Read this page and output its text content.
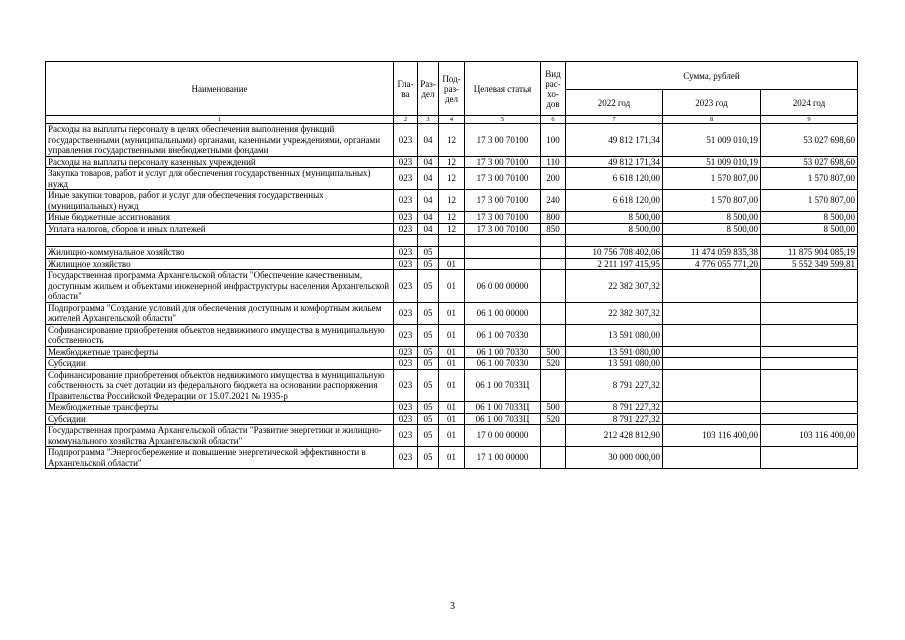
Наименование	Гла-ва	Раз-дел	Под-раз-дел	Целевая статья	Вид рас-хо-дов	Сумма, рублей		
						2022 год	2023 год	2024 год
1	2	3	4	5	6	7	8	9
Расходы на выплаты персоналу в целях обеспечения выполнения функций государственными (муниципальными) органами, казенными учреждениями, органами управления государственными внебюджетными фондами	023	04	12	17 3 00 70100	100	49 812 171,34	51 009 010,19	53 027 698,60
Расходы на выплаты персоналу казенных учреждений	023	04	12	17 3 00 70100	110	49 812 171,34	51 009 010,19	53 027 698,60
Закупка товаров, работ и услуг для обеспечения государственных (муниципальных) нужд	023	04	12	17 3 00 70100	200	6 618 120,00	1 570 807,00	1 570 807,00
Иные закупки товаров, работ и услуг для обеспечения государственных (муниципальных) нужд	023	04	12	17 3 00 70100	240	6 618 120,00	1 570 807,00	1 570 807,00
Иные бюджетные ассигнования	023	04	12	17 3 00 70100	800	8 500,00	8 500,00	8 500,00
Уплата налогов, сборов и иных платежей	023	04	12	17 3 00 70100	850	8 500,00	8 500,00	8 500,00

Жилищно-коммунальное хозяйство	023	05				10 756 708 402,06	11 474 059 835,38	11 875 904 085,19
Жилищное хозяйство	023	05	01			2 211 197 415,95	4 776 055 771,20	5 552 349 599,81
Государственная программа Архангельской области "Обеспечение качественным, доступным жильем и объектами инженерной инфраструктуры населения Архангельской области"	023	05	01	06 0 00 00000		22 382 307,32		
Подпрограмма "Создание условий для обеспечения доступным и комфортным жильем жителей Архангельской области"	023	05	01	06 1 00 00000		22 382 307,32		
Софинансирование приобретения объектов недвижимого имущества в муниципальную собственность	023	05	01	06 1 00 70330		13 591 080,00		
Межбюджетные трансферты	023	05	01	06 1 00 70330	500	13 591 080,00		
Субсидии	023	05	01	06 1 00 70330	520	13 591 080,00		
Софинансирование приобретения объектов недвижимого имущества в муниципальную собственность за счет дотации из федерального бюджета на основании распоряжения Правительства Российской Федерации от 15.07.2021 № 1935-р	023	05	01	06 1 00 7033Ц		8 791 227,32		
Межбюджетные трансферты	023	05	01	06 1 00 7033Ц	500	8 791 227,32		
Субсидии	023	05	01	06 1 00 7033Ц	520	8 791 227,32		
Государственная программа Архангельской области "Развитие энергетики и жилищно-коммунального хозяйства Архангельской области"	023	05	01	17 0 00 00000		212 428 812,90	103 116 400,00	103 116 400,00
Подпрограмма "Энергосбережение и повышение энергетической эффективности в Архангельской области"	023	05	01	17 1 00 00000		30 000 000,00		
3
